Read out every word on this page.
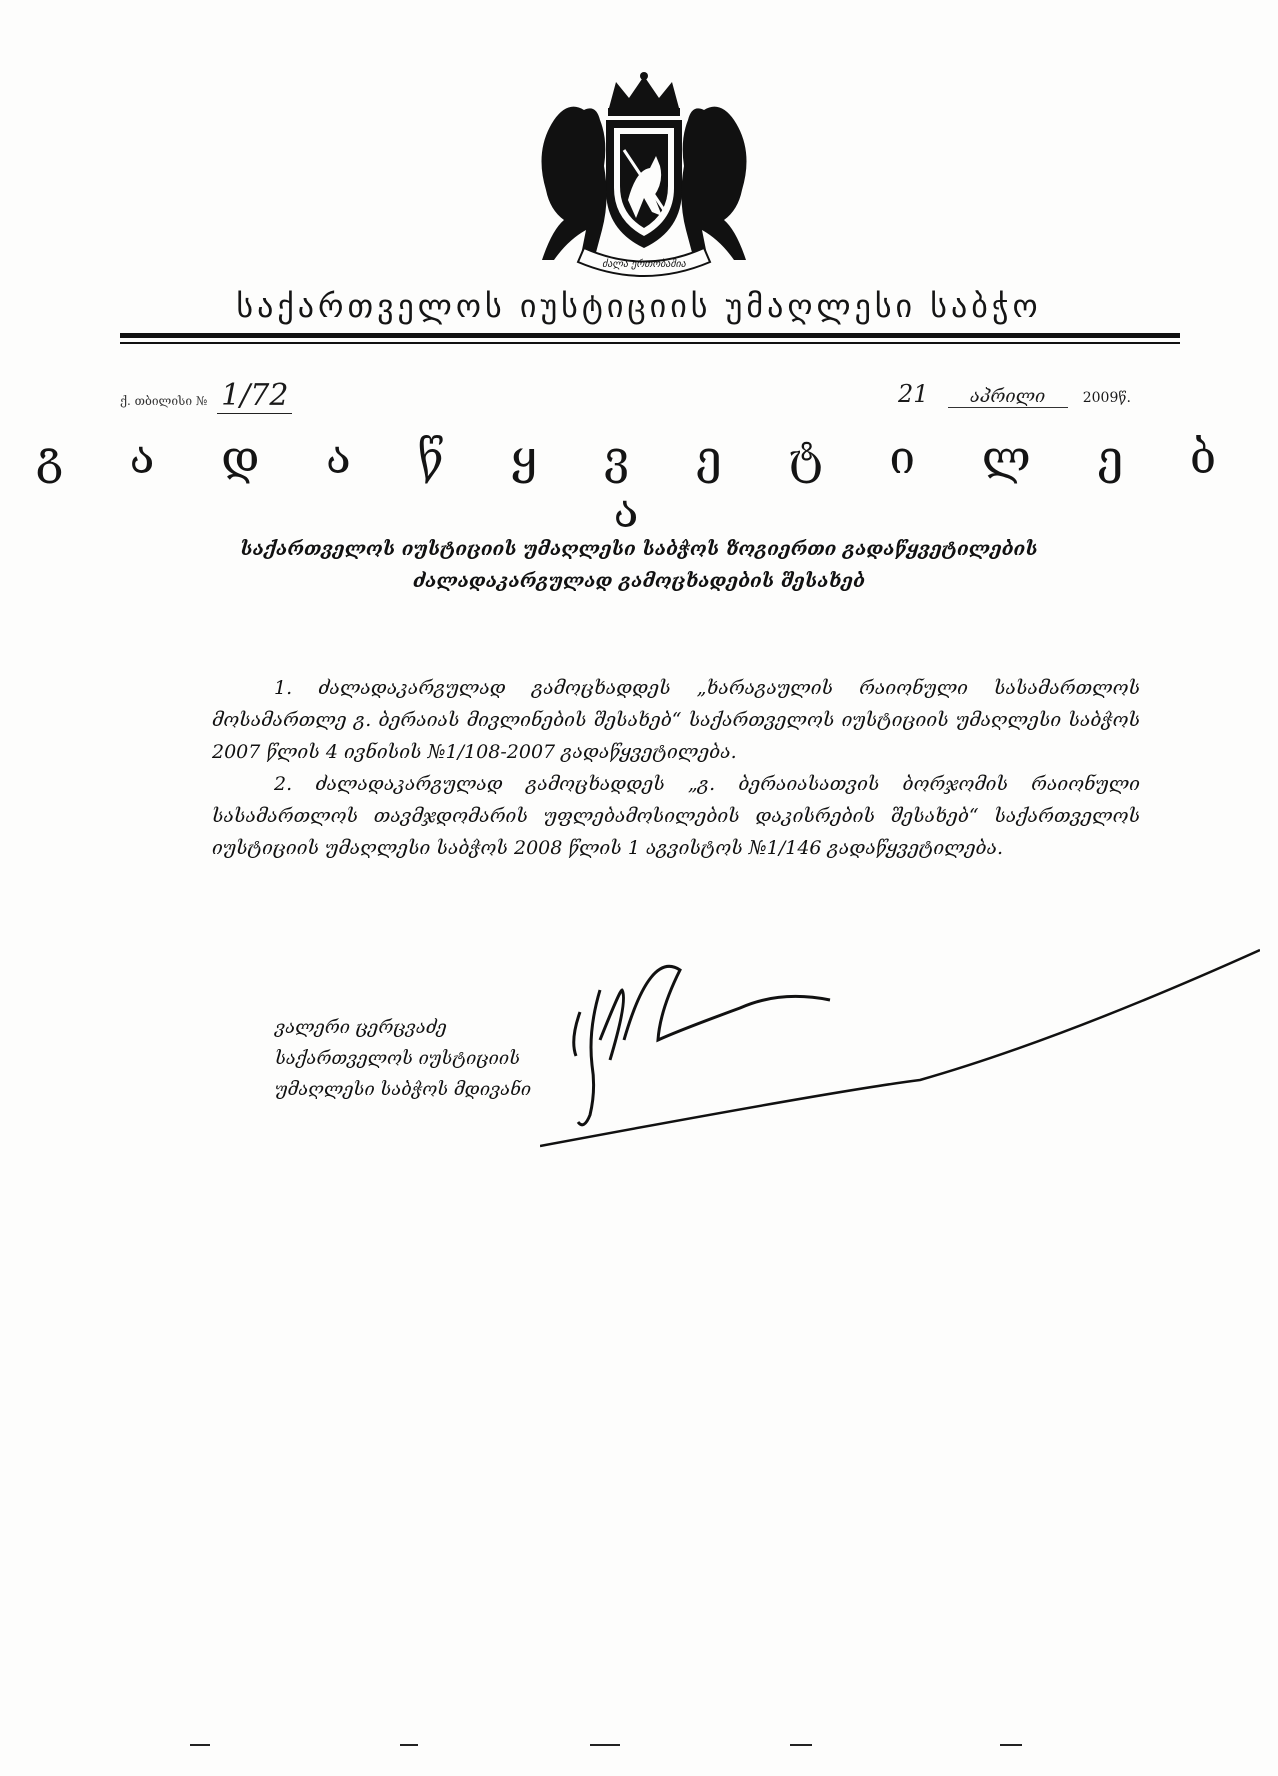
ძალა ერთობაშია
საქართველოს იუსტიციის უმაღლესი საბჭო
ქ. თბილისი № 1/72	21 აპრილი	2009წ.
გ ა დ ა წ ყ ვ ე ტ ი ლ ე ბ ა
საქართველოს იუსტიციის უმაღლესი საბჭოს ზოგიერთი გადაწყვეტილების
ძალადაკარგულად გამოცხადების შესახებ

1. ძალადაკარგულად გამოცხადდეს „ხარაგაულის რაიონული სასამართლოს მოსამართლე გ. ბერაიას მივლინების შესახებ“ საქართველოს იუსტიციის უმაღლესი საბჭოს 2007 წლის 4 ივნისის №1/108-2007 გადაწყვეტილება.

2. ძალადაკარგულად გამოცხადდეს „გ. ბერაიასათვის ბორჯომის რაიონული სასამართლოს თავმჯდომარის უფლებამოსილების დაკისრების შესახებ“ საქართველოს იუსტიციის უმაღლესი საბჭოს 2008 წლის 1 აგვისტოს №1/146 გადაწყვეტილება.

ვალერი ცერცვაძე
საქართველოს იუსტიციის
უმაღლესი საბჭოს მდივანი
